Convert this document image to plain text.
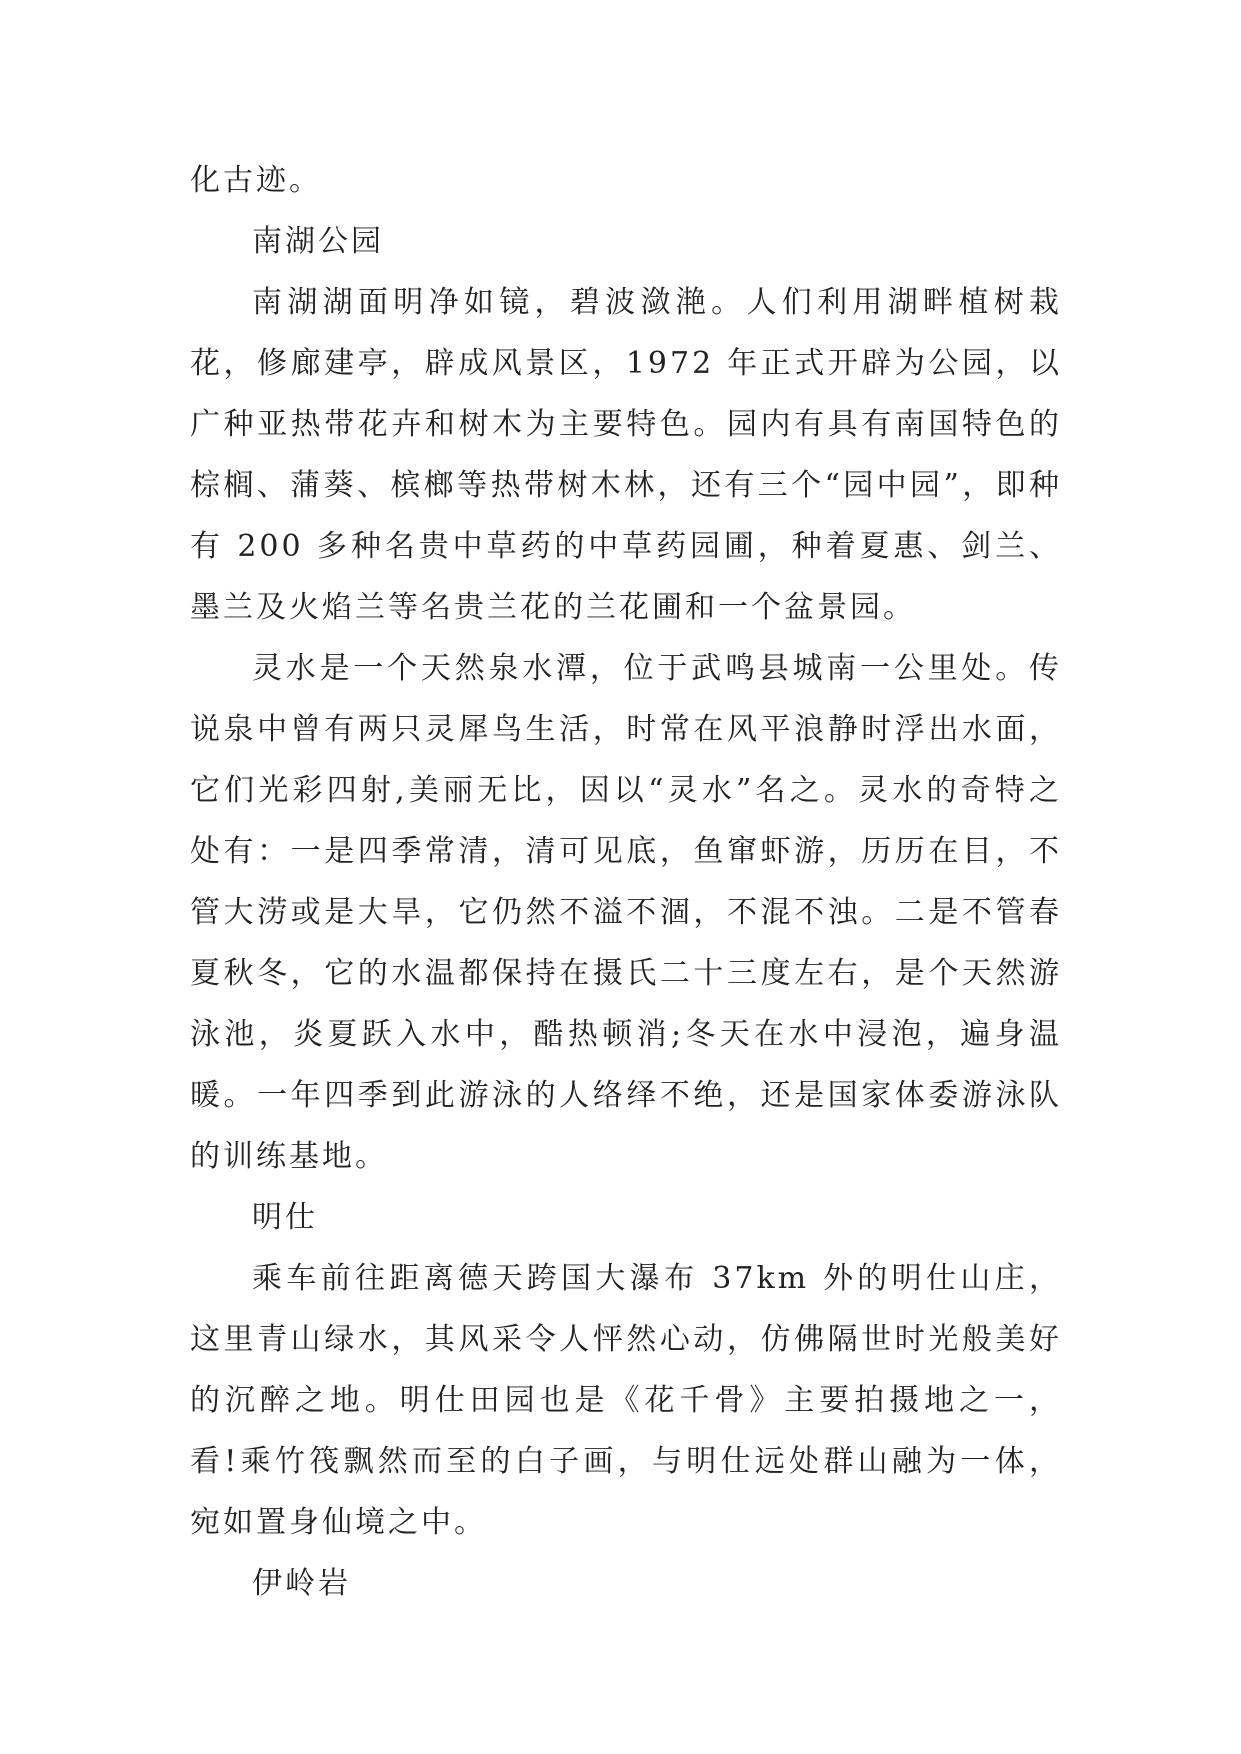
化古迹。

南湖公园

南湖湖面明净如镜，碧波潋滟。人们利用湖畔植树栽花，修廊建亭，辟成风景区，1972 年正式开辟为公园，以广种亚热带花卉和树木为主要特色。园内有具有南国特色的棕榈、蒲葵、槟榔等热带树木林，还有三个“园中园”，即种有 200 多种名贵中草药的中草药园圃，种着夏惠、剑兰、墨兰及火焰兰等名贵兰花的兰花圃和一个盆景园。

灵水是一个天然泉水潭，位于武鸣县城南一公里处。传说泉中曾有两只灵犀鸟生活，时常在风平浪静时浮出水面，它们光彩四射,美丽无比，因以“灵水”名之。灵水的奇特之处有：一是四季常清，清可见底，鱼窜虾游，历历在目，不管大涝或是大旱，它仍然不溢不涸，不混不浊。二是不管春夏秋冬，它的水温都保持在摄氏二十三度左右，是个天然游泳池，炎夏跃入水中，酷热顿消;冬天在水中浸泡，遍身温暖。一年四季到此游泳的人络绎不绝，还是国家体委游泳队的训练基地。

明仕

乘车前往距离德天跨国大瀑布 37km 外的明仕山庄，这里青山绿水，其风采令人怦然心动，仿佛隔世时光般美好的沉醉之地。明仕田园也是《花千骨》主要拍摄地之一，看!乘竹筏飘然而至的白子画，与明仕远处群山融为一体，宛如置身仙境之中。

伊岭岩
